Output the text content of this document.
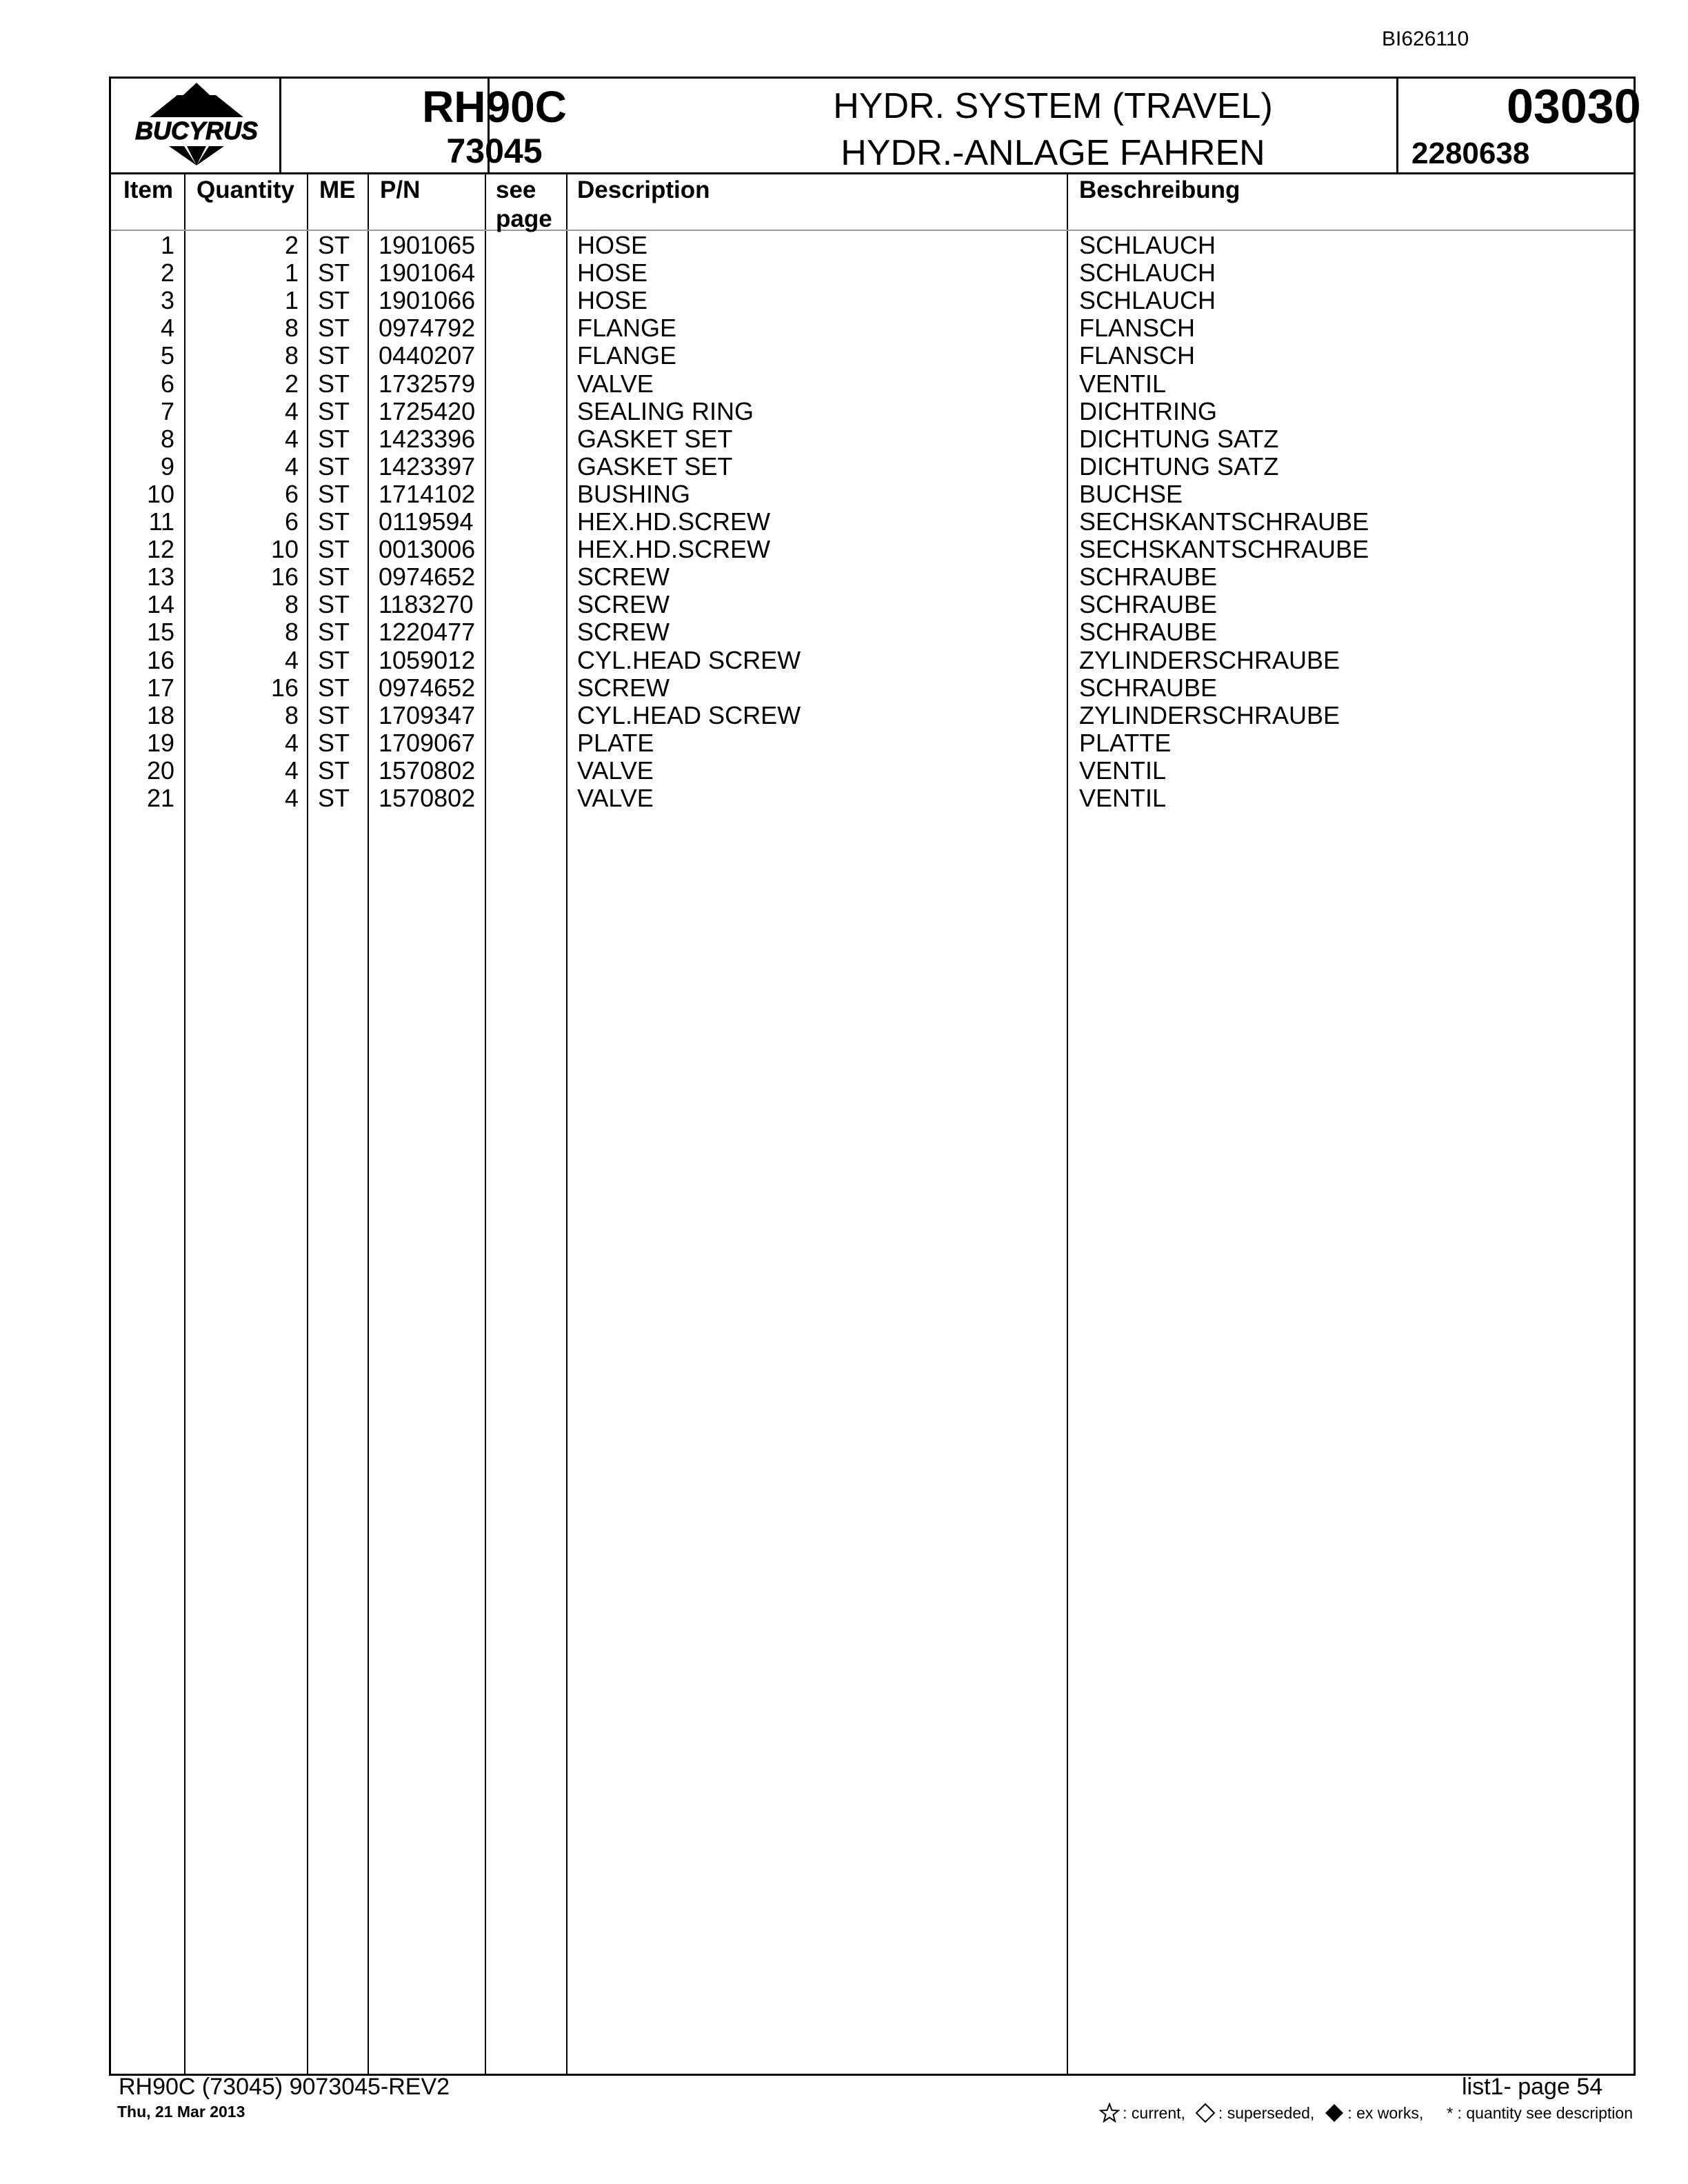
BI626110
BUCYRUS	RH90C
73045
HYDR. SYSTEM (TRAVEL)
HYDR.-ANLAGE FAHREN
03030
2280638
Item Quantity ME P/N	see
page
Description	Beschreibung
1	2 ST	1901065	HOSE	SCHLAUCH
2	1 ST	1901064	HOSE	SCHLAUCH
3	1 ST	1901066	HOSE	SCHLAUCH
4	8 ST	0974792	FLANGE	FLANSCH
5	8 ST	0440207	FLANGE	FLANSCH
6	2 ST	1732579	VALVE	VENTIL
7	4 ST	1725420	SEALING RING	DICHTRING
8	4 ST	1423396	GASKET SET	DICHTUNG SATZ
9	4 ST	1423397	GASKET SET	DICHTUNG SATZ
10	6 ST	1714102	BUSHING	BUCHSE
11	6 ST	0119594	HEX.HD.SCREW	SECHSKANTSCHRAUBE
12	10 ST	0013006	HEX.HD.SCREW	SECHSKANTSCHRAUBE
13	16 ST	0974652	SCREW	SCHRAUBE
14	8 ST	1183270	SCREW	SCHRAUBE
15	8 ST	1220477	SCREW	SCHRAUBE
16	4 ST	1059012	CYL.HEAD SCREW	ZYLINDERSCHRAUBE
17	16 ST	0974652	SCREW	SCHRAUBE
18	8 ST	1709347	CYL.HEAD SCREW	ZYLINDERSCHRAUBE
19	4 ST	1709067	PLATE	PLATTE
20	4 ST	1570802	VALVE	VENTIL
21	4 ST	1570802	VALVE	VENTIL
RH90C (73045) 9073045-REV2
Thu, 21 Mar 2013
list1- page 54
: current, : superseded, : ex works, * : quantity see description
